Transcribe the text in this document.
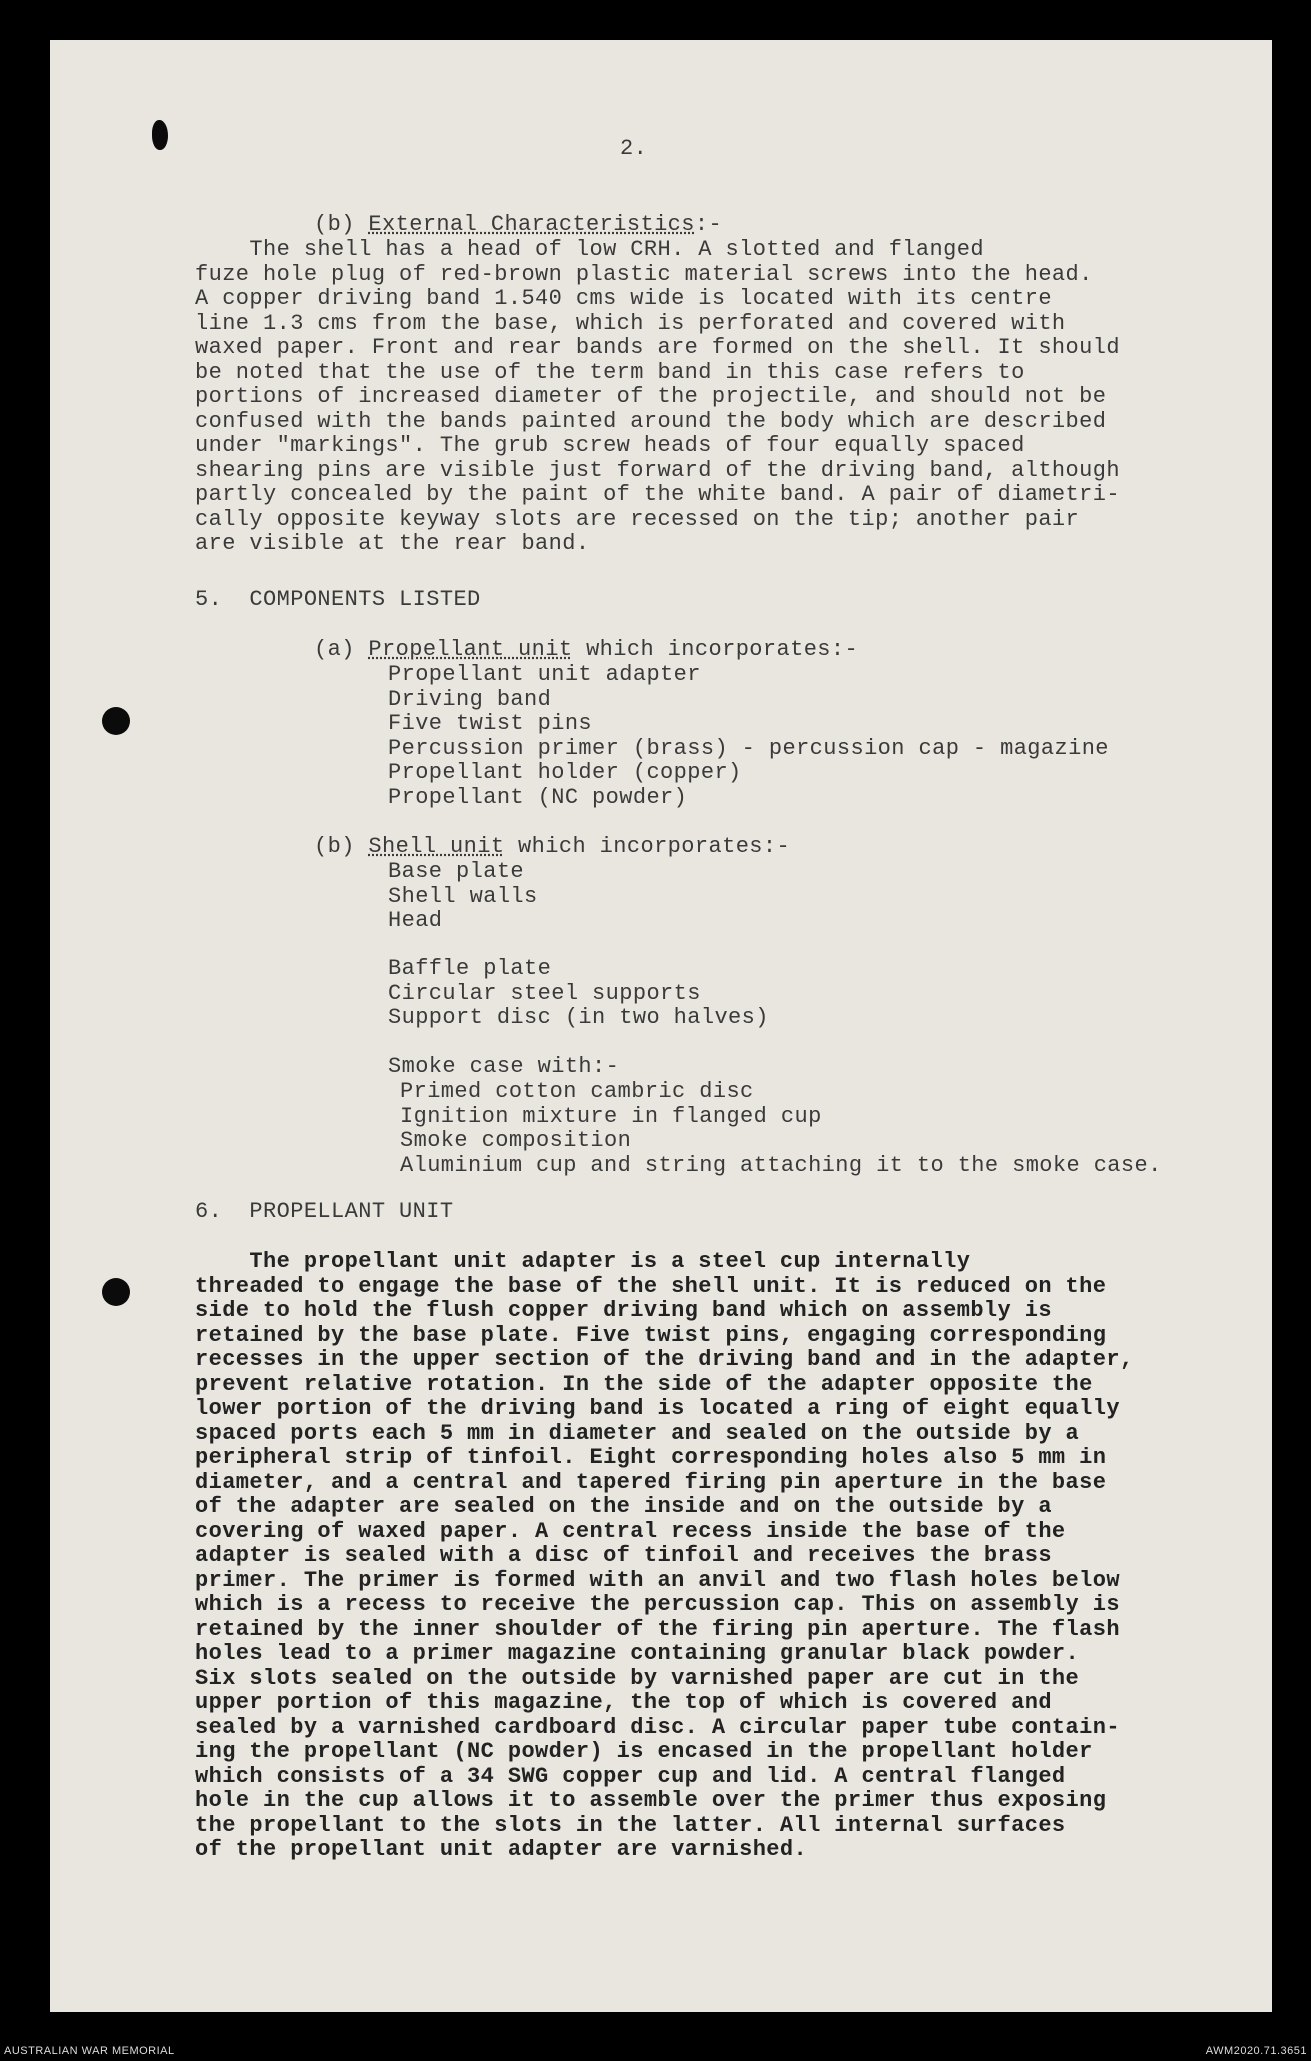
2.
(b) External Characteristics:-
The shell has a head of low CRH. A slotted and flanged
fuze hole plug of red-brown plastic material screws into the head.
A copper driving band 1.540 cms wide is located with its centre
line 1.3 cms from the base, which is perforated and covered with
waxed paper. Front and rear bands are formed on the shell. It should
be noted that the use of the term band in this case refers to
portions of increased diameter of the projectile, and should not be
confused with the bands painted around the body which are described
under "markings". The grub screw heads of four equally spaced
shearing pins are visible just forward of the driving band, although
partly concealed by the paint of the white band. A pair of diametri-
cally opposite keyway slots are recessed on the tip; another pair
are visible at the rear band.
5.  COMPONENTS LISTED
(a) Propellant unit which incorporates:-
Propellant unit adapter
Driving band
Five twist pins
Percussion primer (brass) - percussion cap - magazine
Propellant holder (copper)
Propellant (NC powder)
(b) Shell unit which incorporates:-
Base plate
Shell walls
Head
Baffle plate
Circular steel supports
Support disc (in two halves)
Smoke case with:-
Primed cotton cambric disc
Ignition mixture in flanged cup
Smoke composition
Aluminium cup and string attaching it to the smoke case.
6.  PROPELLANT UNIT
The propellant unit adapter is a steel cup internally
threaded to engage the base of the shell unit. It is reduced on the
side to hold the flush copper driving band which on assembly is
retained by the base plate. Five twist pins, engaging corresponding
recesses in the upper section of the driving band and in the adapter,
prevent relative rotation. In the side of the adapter opposite the
lower portion of the driving band is located a ring of eight equally
spaced ports each 5 mm in diameter and sealed on the outside by a
peripheral strip of tinfoil. Eight corresponding holes also 5 mm in
diameter, and a central and tapered firing pin aperture in the base
of the adapter are sealed on the inside and on the outside by a
covering of waxed paper. A central recess inside the base of the
adapter is sealed with a disc of tinfoil and receives the brass
primer. The primer is formed with an anvil and two flash holes below
which is a recess to receive the percussion cap. This on assembly is
retained by the inner shoulder of the firing pin aperture. The flash
holes lead to a primer magazine containing granular black powder.
Six slots sealed on the outside by varnished paper are cut in the
upper portion of this magazine, the top of which is covered and
sealed by a varnished cardboard disc. A circular paper tube contain-
ing the propellant (NC powder) is encased in the propellant holder
which consists of a 34 SWG copper cup and lid. A central flanged
hole in the cup allows it to assemble over the primer thus exposing
the propellant to the slots in the latter. All internal surfaces
of the propellant unit adapter are varnished.
AUSTRALIAN WAR MEMORIAL	AWM2020.71.3651
